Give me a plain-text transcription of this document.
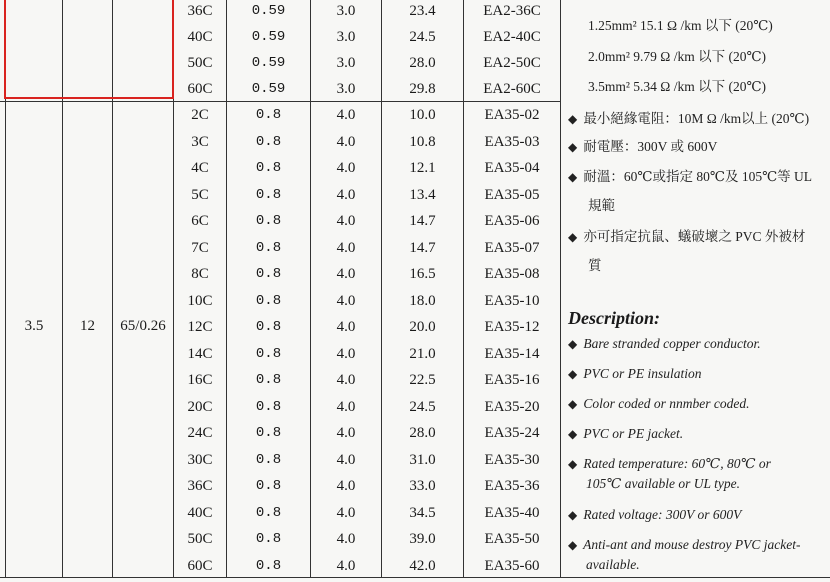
36C	0.59	3.0	23.4	EA2-36C
40C	0.59	3.0	24.5	EA2-40C
50C	0.59	3.0	28.0	EA2-50C
60C	0.59	3.0	29.8	EA2-60C
3.5	12	65/0.26
2C	0.8	4.0	10.0	EA35-02
3C	0.8	4.0	10.8	EA35-03
4C	0.8	4.0	12.1	EA35-04
5C	0.8	4.0	13.4	EA35-05
6C	0.8	4.0	14.7	EA35-06
7C	0.8	4.0	14.7	EA35-07
8C	0.8	4.0	16.5	EA35-08
10C	0.8	4.0	18.0	EA35-10
12C	0.8	4.0	20.0	EA35-12
14C	0.8	4.0	21.0	EA35-14
16C	0.8	4.0	22.5	EA35-16
20C	0.8	4.0	24.5	EA35-20
24C	0.8	4.0	28.0	EA35-24
30C	0.8	4.0	31.0	EA35-30
36C	0.8	4.0	33.0	EA35-36
40C	0.8	4.0	34.5	EA35-40
50C	0.8	4.0	39.0	EA35-50
60C	0.8	4.0	42.0	EA35-60
1.25mm² 15.1 Ω /km 以下 (20℃)
2.0mm² 9.79 Ω /km 以下 (20℃)
3.5mm² 5.34 Ω /km 以下 (20℃)
◆ 最小絕緣電阻：10M Ω /km以上 (20℃)
◆ 耐電壓：300V 或 600V
◆ 耐溫：60℃或指定 80℃及 105℃等 UL
規範
◆ 亦可指定抗鼠、蟻破壞之 PVC 外被材
質
Description:
◆ Bare stranded copper conductor.
◆ PVC or PE insulation
◆ Color coded or nnmber coded.
◆ PVC or PE jacket.
◆ Rated temperature: 60℃, 80℃ or
105℃ available or UL type.
◆ Rated voltage: 300V or 600V
◆ Anti-ant and mouse destroy PVC jacket-
available.
